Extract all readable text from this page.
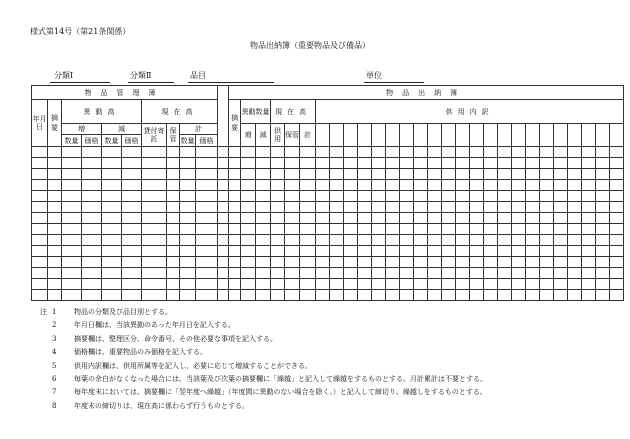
様式第14号（第21条関係）
物品出納簿（重要物品及び備品）
分類Ⅰ	分類Ⅱ	品目	単位
物品管理簿											物品出納簿																												
年月日	摘要	異動高				現在高					摘要	異動数量		現在高			供用内訳	
		増		減		貸付寄託	保管	計				増	減	供用	保管	計																							
		数量	価格	数量	価格			数量	価格																														

注 1	物品の分類及び品目別とする。
2	年月日欄は、当該異動のあった年月日を記入する。
3	摘要欄は、整理区分、命令番号、その他必要な事項を記入する。
4	価格欄は、重要物品のみ価格を記入する。
5	供用内訳欄は、供用所属等を記入し、必要に応じて増減することができる。
6	毎葉の余白がなくなった場合には、当該葉及び次葉の摘要欄に「繰越」と記入して繰越をするものとする。月計累計は不要とする。
7	毎年度末においては、摘要欄に「翌年度へ繰越」（年度間に異動のない場合を除く。）と記入して締切り、繰越しをするものとする。
8	年度末の締切りは、現在高に係わらず行うものとする。
